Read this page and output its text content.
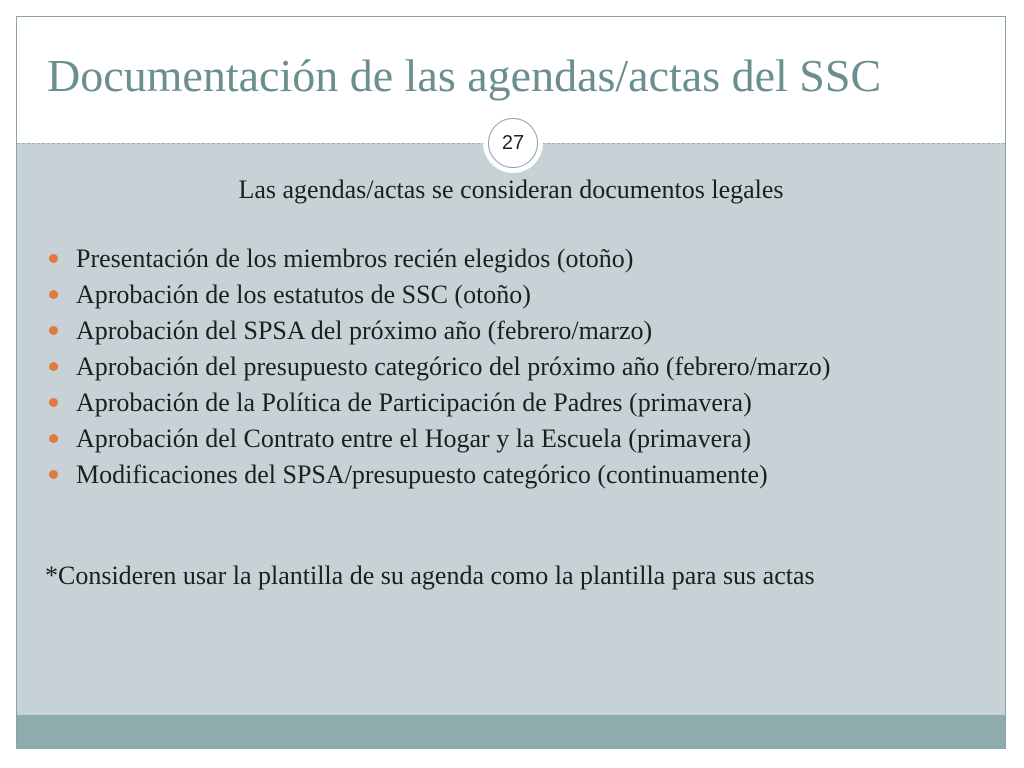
Documentación de las agendas/actas del SSC
27
Las agendas/actas se consideran documentos legales
Presentación de los miembros recién elegidos (otoño)
Aprobación de los estatutos de SSC (otoño)
Aprobación del SPSA del próximo año (febrero/marzo)
Aprobación del presupuesto categórico del próximo año (febrero/marzo)
Aprobación de la Política de Participación de Padres (primavera)
Aprobación del Contrato entre el Hogar y la Escuela (primavera)
Modificaciones del SPSA/presupuesto categórico (continuamente)
*Consideren usar la plantilla de su agenda como la plantilla para sus actas
